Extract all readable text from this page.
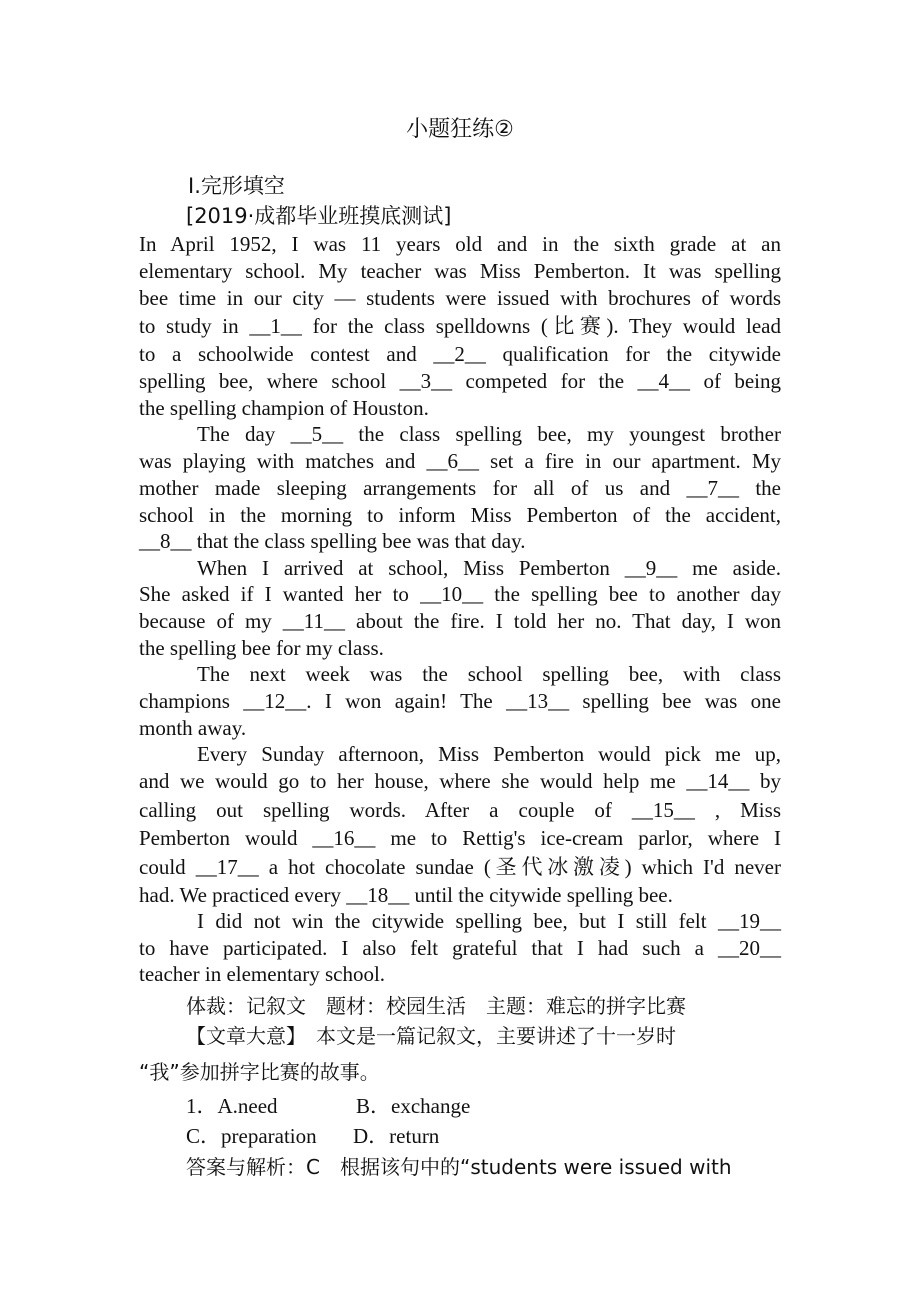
小题狂练②
Ⅰ.完形填空
[2019·成都毕业班摸底测试]
In April 1952, I was 11 years old and in the sixth grade at an
elementary school. My teacher was Miss Pemberton. It was spelling
bee time in our city — students were issued with brochures of words
to study in __1__ for the class spelldowns (比赛). They would lead
to a schoolwide contest and __2__ qualification for the citywide
spelling bee, where school __3__ competed for the __4__ of being
the spelling champion of Houston.
The day __5__ the class spelling bee, my youngest brother
was playing with matches and __6__ set a fire in our apartment. My
mother made sleeping arrangements for all of us and __7__ the
school in the morning to inform Miss Pemberton of the accident,
__8__ that the class spelling bee was that day.
When I arrived at school, Miss Pemberton __9__ me aside.
She asked if I wanted her to __10__ the spelling bee to another day
because of my __11__ about the fire. I told her no. That day, I won
the spelling bee for my class.
The next week was the school spelling bee, with class
champions __12__. I won again! The __13__ spelling bee was one
month away.
Every Sunday afternoon, Miss Pemberton would pick me up,
and we would go to her house, where she would help me __14__ by
calling out spelling words. After a couple of __15__ , Miss
Pemberton would __16__ me to Rettig's ice-cream parlor, where I
could __17__ a hot chocolate sundae (圣代冰激凌) which I'd never
had. We practiced every __18__ until the citywide spelling bee.
I did not win the citywide spelling bee, but I still felt __19__
to have participated. I also felt grateful that I had such a __20__
teacher in elementary school.
体裁：记叙文　题材：校园生活　主题：难忘的拼字比赛
【文章大意】　本文是一篇记叙文，主要讲述了十一岁时
“我”参加拼字比赛的故事。
1．A.need	B．exchange
C．preparation D．return
答案与解析：C　根据该句中的“students were issued with
